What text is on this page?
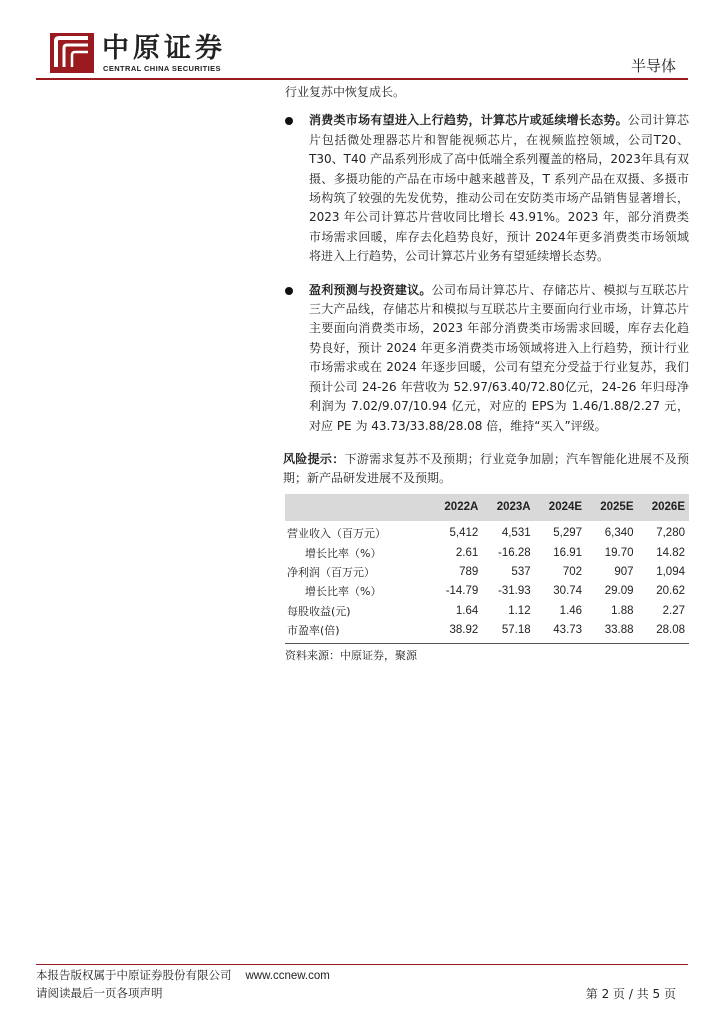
中原证券
CENTRAL CHINA SECURITIES	半导体

行业复苏中恢复成长。

消费类市场有望进入上行趋势，计算芯片或延续增长态势。公司计算芯片包括微处理器芯片和智能视频芯片，在视频监控领域，公司T20、T30、T40 产品系列形成了高中低端全系列覆盖的格局，2023年具有双摄、多摄功能的产品在市场中越来越普及，T 系列产品在双摄、多摄市场构筑了较强的先发优势，推动公司在安防类市场产品销售显著增长，2023 年公司计算芯片营收同比增长 43.91%。2023 年，部分消费类市场需求回暖，库存去化趋势良好，预计 2024年更多消费类市场领域将进入上行趋势，公司计算芯片业务有望延续增长态势。

盈利预测与投资建议。公司布局计算芯片、存储芯片、模拟与互联芯片三大产品线，存储芯片和模拟与互联芯片主要面向行业市场，计算芯片主要面向消费类市场，2023 年部分消费类市场需求回暖，库存去化趋势良好，预计 2024 年更多消费类市场领域将进入上行趋势，预计行业市场需求或在 2024 年逐步回暖，公司有望充分受益于行业复苏，我们预计公司 24-26 年营收为 52.97/63.40/72.80亿元，24-26 年归母净利润为 7.02/9.07/10.94 亿元，对应的 EPS为 1.46/1.88/2.27 元，对应 PE 为 43.73/33.88/28.08 倍，维持“买入”评级。

风险提示：下游需求复苏不及预期；行业竞争加剧；汽车智能化进展不及预期；新产品研发进展不及预期。

	2022A	2023A	2024E	2025E	2026E
营业收入（百万元）	5,412	4,531	5,297	6,340	7,280
增长比率（%）	2.61	-16.28	16.91	19.70	14.82
净利润（百万元）	789	537	702	907	1,094
增长比率（%）	-14.79	-31.93	30.74	29.09	20.62
每股收益(元)	1.64	1.12	1.46	1.88	2.27
市盈率(倍)	38.92	57.18	43.73	33.88	28.08
资料来源：中原证券，聚源
本报告版权属于中原证券股份有限公司 www.ccnew.com
请阅读最后一页各项声明	第 2 页 / 共 5 页
